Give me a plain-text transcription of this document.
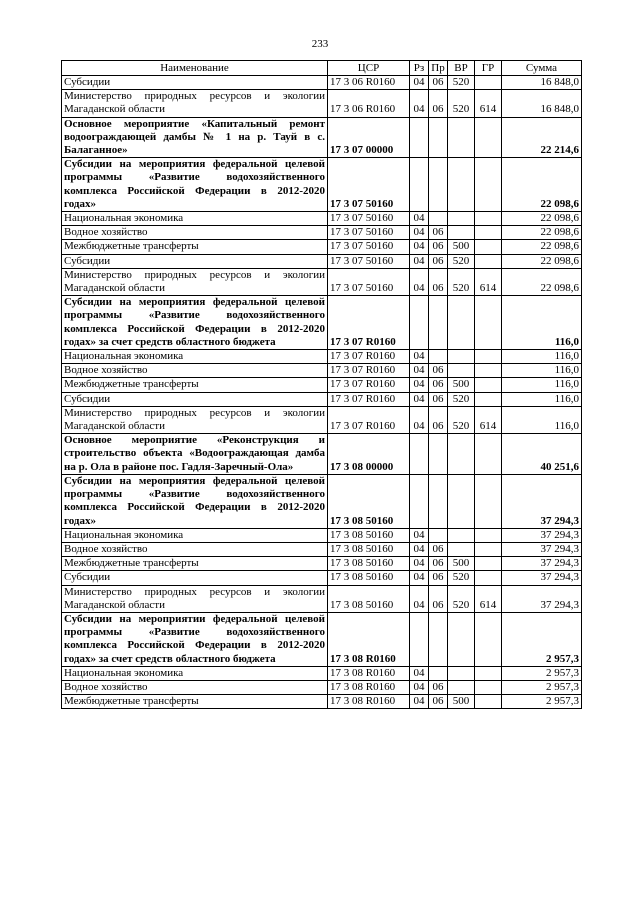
233
Наименование	ЦСР	Рз	Пр	ВР	ГР	Сумма
Субсидии	17 3 06 R0160	04	06	520		16 848,0
Министерство природных ресурсов и экологии Магаданской области	17 3 06 R0160	04	06	520	614	16 848,0
Основное мероприятие «Капитальный ремонт водоограждающей дамбы № 1 на р. Тауй в с. Балаганное»	17 3 07 00000					22 214,6
Субсидии на мероприятия федеральной целевой программы «Развитие водохозяйственного комплекса Российской Федерации в 2012-2020 годах»	17 3 07 50160					22 098,6
Национальная экономика	17 3 07 50160	04				22 098,6
Водное хозяйство	17 3 07 50160	04	06			22 098,6
Межбюджетные трансферты	17 3 07 50160	04	06	500		22 098,6
Субсидии	17 3 07 50160	04	06	520		22 098,6
Министерство природных ресурсов и экологии Магаданской области	17 3 07 50160	04	06	520	614	22 098,6
Субсидии на мероприятия федеральной целевой программы «Развитие водохозяйственного комплекса Российской Федерации в 2012-2020 годах» за счет средств областного бюджета	17 3 07 R0160					116,0
Национальная экономика	17 3 07 R0160	04				116,0
Водное хозяйство	17 3 07 R0160	04	06			116,0
Межбюджетные трансферты	17 3 07 R0160	04	06	500		116,0
Субсидии	17 3 07 R0160	04	06	520		116,0
Министерство природных ресурсов и экологии Магаданской области	17 3 07 R0160	04	06	520	614	116,0
Основное мероприятие «Реконструкция и строительство объекта «Водоограждающая дамба на р. Ола в районе пос. Гадля-Заречный-Ола»	17 3 08 00000					40 251,6
Субсидии на мероприятия федеральной целевой программы «Развитие водохозяйственного комплекса Российской Федерации в 2012-2020 годах»	17 3 08 50160					37 294,3
Национальная экономика	17 3 08 50160	04				37 294,3
Водное хозяйство	17 3 08 50160	04	06			37 294,3
Межбюджетные трансферты	17 3 08 50160	04	06	500		37 294,3
Субсидии	17 3 08 50160	04	06	520		37 294,3
Министерство природных ресурсов и экологии Магаданской области	17 3 08 50160	04	06	520	614	37 294,3
Субсидии на мероприятии федеральной целевой программы «Развитие водохозяйственного комплекса Российской Федерации в 2012-2020 годах» за счет средств областного бюджета	17 3 08 R0160					2 957,3
Национальная экономика	17 3 08 R0160	04				2 957,3
Водное хозяйство	17 3 08 R0160	04	06			2 957,3
Межбюджетные трансферты	17 3 08 R0160	04	06	500		2 957,3
